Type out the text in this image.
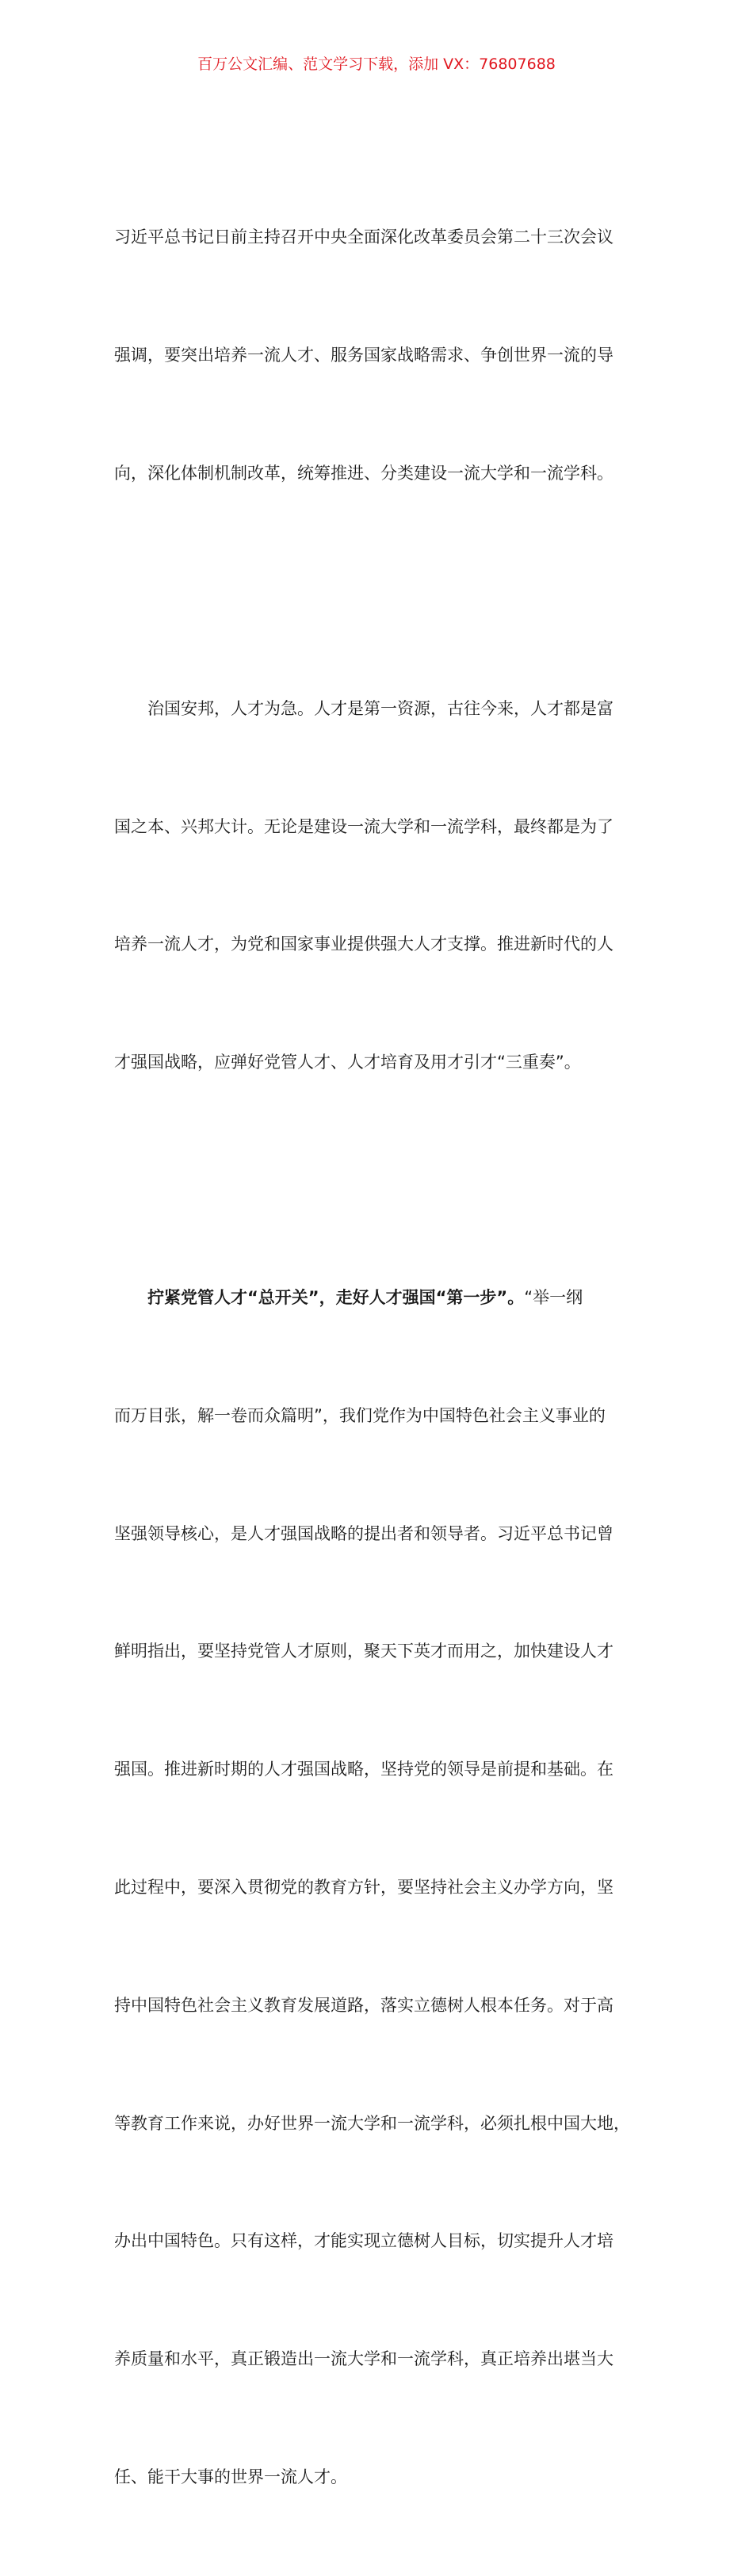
百万公文汇编、范文学习下载，添加 VX：76807688

习近平总书记日前主持召开中央全面深化改革委员会第二十三次会议

强调，要突出培养一流人才、服务国家战略需求、争创世界一流的导

向，深化体制机制改革，统筹推进、分类建设一流大学和一流学科。

　　治国安邦，人才为急。人才是第一资源，古往今来，人才都是富

国之本、兴邦大计。无论是建设一流大学和一流学科，最终都是为了

培养一流人才，为党和国家事业提供强大人才支撑。推进新时代的人

才强国战略，应弹好党管人才、人才培育及用才引才“三重奏”。

　　拧紧党管人才“总开关”，走好人才强国“第一步”。“举一纲

而万目张，解一卷而众篇明”，我们党作为中国特色社会主义事业的

坚强领导核心，是人才强国战略的提出者和领导者。习近平总书记曾

鲜明指出，要坚持党管人才原则，聚天下英才而用之，加快建设人才

强国。推进新时期的人才强国战略，坚持党的领导是前提和基础。在

此过程中，要深入贯彻党的教育方针，要坚持社会主义办学方向，坚

持中国特色社会主义教育发展道路，落实立德树人根本任务。对于高

等教育工作来说，办好世界一流大学和一流学科，必须扎根中国大地，

办出中国特色。只有这样，才能实现立德树人目标，切实提升人才培

养质量和水平，真正锻造出一流大学和一流学科，真正培养出堪当大

任、能干大事的世界一流人才。
